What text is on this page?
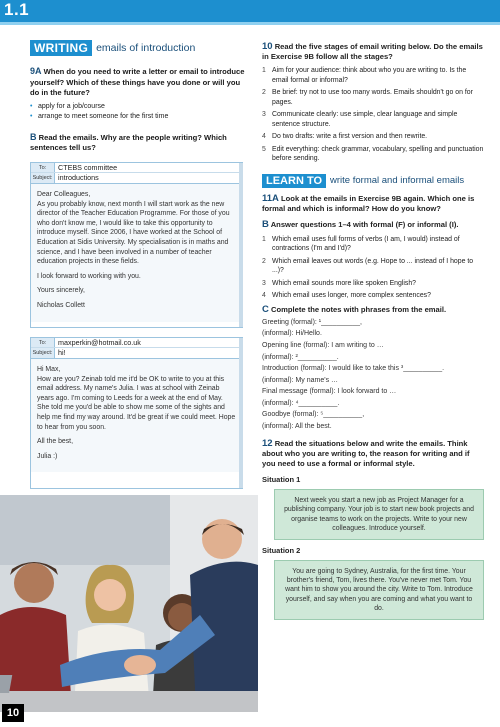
1.1
WRITING emails of introduction
9A When do you need to write a letter or email to introduce yourself? Which of these things have you done or will you do in the future?
• apply for a job/course
• arrange to meet someone for the first time
B Read the emails. Why are the people writing? Which sentences tell us?
To:	CTEBS committee
Subject: introductions

Dear Colleagues,

As you probably know, next month I will start work as the new director of the Teacher Education Programme. For those of you who don't know me, I would like to take this opportunity to introduce myself. Since 2006, I have worked at the School of Education at Sidis University. My specialisation is in maths and science, and I have been involved in a number of teacher education projects in these fields.

I look forward to working with you.

Yours sincerely,

Nicholas Collett

To:	maxperkin@hotmail.co.uk
Subject: hi!

Hi Max,

How are you? Zeinab told me it'd be OK to write to you at this email address. My name's Julia. I was at school with Zeinab years ago. I'm coming to Leeds for a week at the end of May. She told me you'd be able to show me some of the sights and help me find my way around. It'd be great if we could meet. Hope to hear from you soon.

All the best,

Julia :)

10
10 Read the five stages of email writing below. Do the emails in Exercise 9B follow all the stages?
1 Aim for your audience: think about who you are writing to. Is the email formal or informal?
2 Be brief: try not to use too many words. Emails shouldn't go on for pages.
3 Communicate clearly: use simple, clear language and simple sentence structure.
4 Do two drafts: write a first version and then rewrite.
5 Edit everything: check grammar, vocabulary, spelling and punctuation before sending.
LEARN TO write formal and informal emails
11A Look at the emails in Exercise 9B again. Which one is formal and which is informal? How do you know?
B Answer questions 1–4 with formal (F) or informal (I).
1 Which email uses full forms of verbs (I am, I would) instead of contractions (I'm and I'd)?
2 Which email leaves out words (e.g. Hope to ... instead of I hope to ...)?
3 Which email sounds more like spoken English?
4 Which email uses longer, more complex sentences?
C Complete the notes with phrases from the email.

Greeting (formal): ¹__________,

(informal): Hi/Hello.

Opening line (formal): I am writing to …

(informal): ²__________.

Introduction (formal): I would like to take this ³__________.

(informal): My name's …

Final message (formal): I look forward to …

(informal): ⁴__________.

Goodbye (formal): ⁵__________,

(informal): All the best.

12 Read the situations below and write the emails. Think about who you are writing to, the reason for writing and if you need to use a formal or informal style.
Situation 1
Next week you start a new job as Project Manager for a publishing company. Your job is to start new book projects and organise teams to work on the projects. Write to your new colleagues. Introduce yourself.
Situation 2
You are going to Sydney, Australia, for the first time. Your brother's friend, Tom, lives there. You've never met Tom. You want him to show you around the city. Write to Tom. Introduce yourself, and say when you are coming and what you want to do.
